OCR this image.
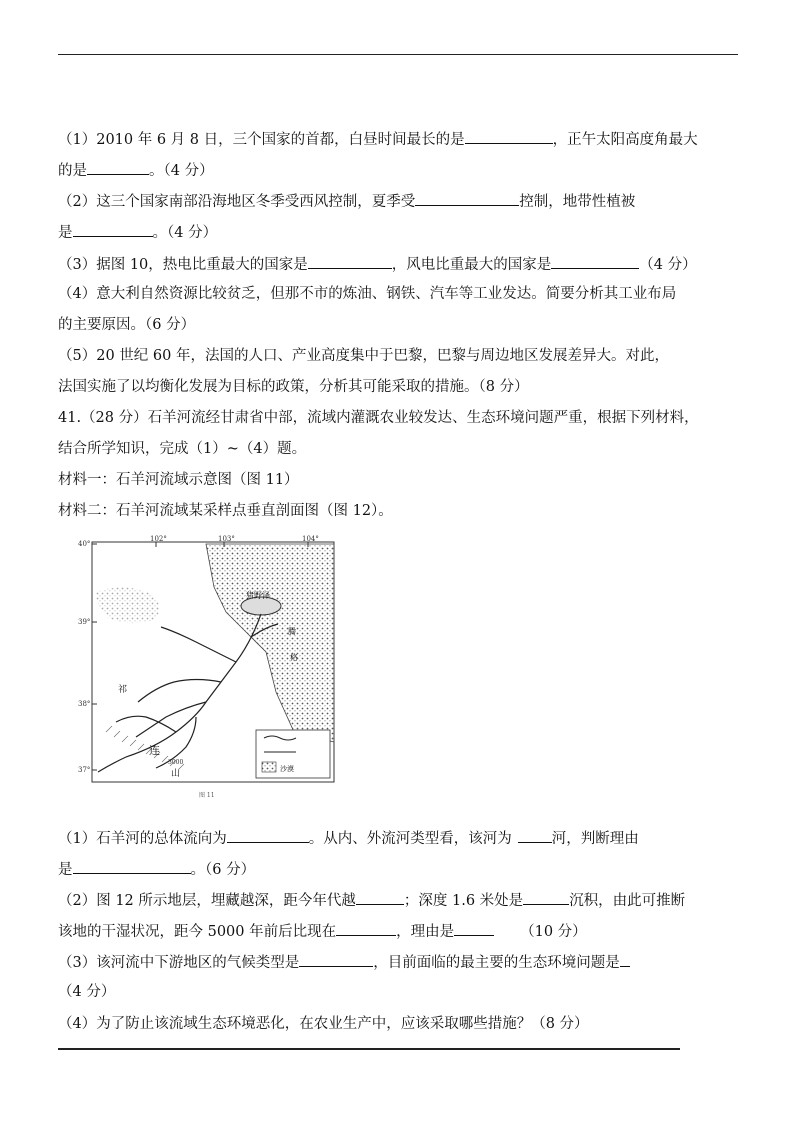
（1）2010 年 6 月 8 日，三个国家的首都，白昼时间最长的是	，正午太阳高度角最大
的是	。（4 分）
（2）这三个国家南部沿海地区冬季受西风控制，夏季受	控制，地带性植被
是	。（4 分）
（3）据图 10，热电比重最大的国家是	，风电比重最大的国家是	（4 分）
（4）意大利自然资源比较贫乏，但那不市的炼油、钢铁、汽车等工业发达。简要分析其工业布局
的主要原因。（6 分）
（5）20 世纪 60 年，法国的人口、产业高度集中于巴黎，巴黎与周边地区发展差异大。对此，
法国实施了以均衡化发展为目标的政策，分析其可能采取的措施。（8 分）
41.（28 分）石羊河流经甘肃省中部，流域内灌溉农业较发达、生态环境问题严重，根据下列材料，
结合所学知识，完成（1）~（4）题。
材料一：石羊河流域示意图（图 11）
材料二：石羊河流域某采样点垂直剖面图（图 12）。
102°	103°	104°
40°
39°
38°
37°
猪野泽
腾
格
祁
连
山
3000
沙漠
图 11
（1）石羊河的总体流向为	。从内、外流河类型看，该河为	河，判断理由
是	。（6 分）
（2）图 12 所示地层，埋藏越深，距今年代越	；深度 1.6 米处是	沉积，由此可推断
该地的干湿状况，距今 5000 年前后比现在	，理由是	（10 分）
（3）该河流中下游地区的气候类型是	，目前面临的最主要的生态环境问题是
（4 分）
（4）为了防止该流域生态环境恶化，在农业生产中，应该采取哪些措施？（8 分）
